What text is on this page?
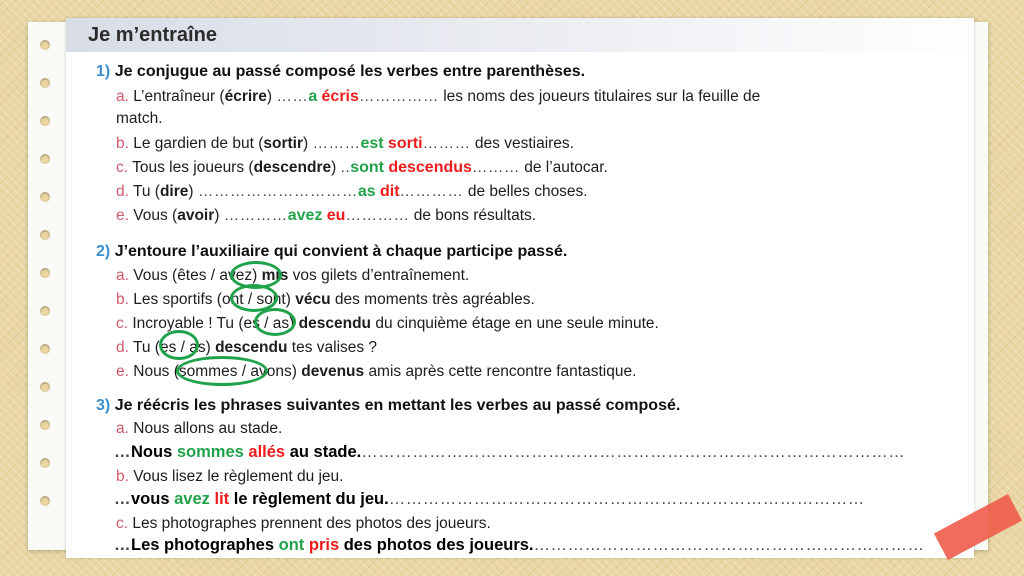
Je m’entraîne
1) Je conjugue au passé composé les verbes entre parenthèses.
a. L’entraîneur (écrire) ……a écris…………… les noms des joueurs titulaires sur la feuille de
match.
b. Le gardien de but (sortir) ………est sorti……… des vestiaires.
c. Tous les joueurs (descendre) ..sont descendus……… de l’autocar.
d. Tu (dire) …………………………as dit………… de belles choses.
e. Vous (avoir) …………avez eu………… de bons résultats.
2) J’entoure l’auxiliaire qui convient à chaque participe passé.
a. Vous (êtes / avez) mis vos gilets d’entraînement.
b. Les sportifs (ont / sont) vécu des moments très agréables.
c. Incroyable ! Tu (es / as) descendu du cinquième étage en une seule minute.
d. Tu (es / as) descendu tes valises ?
e. Nous (sommes / avons) devenus amis après cette rencontre fantastique.
3) Je réécris les phrases suivantes en mettant les verbes au passé composé.
a. Nous allons au stade.
…Nous sommes allés au stade.……………………………………………………………………………………
b. Vous lisez le règlement du jeu.
…vous avez lit le règlement du jeu.…………………………………………………………………………
c. Les photographes prennent des photos des joueurs.
…Les photographes ont pris des photos des joueurs.……………………………………………………………
